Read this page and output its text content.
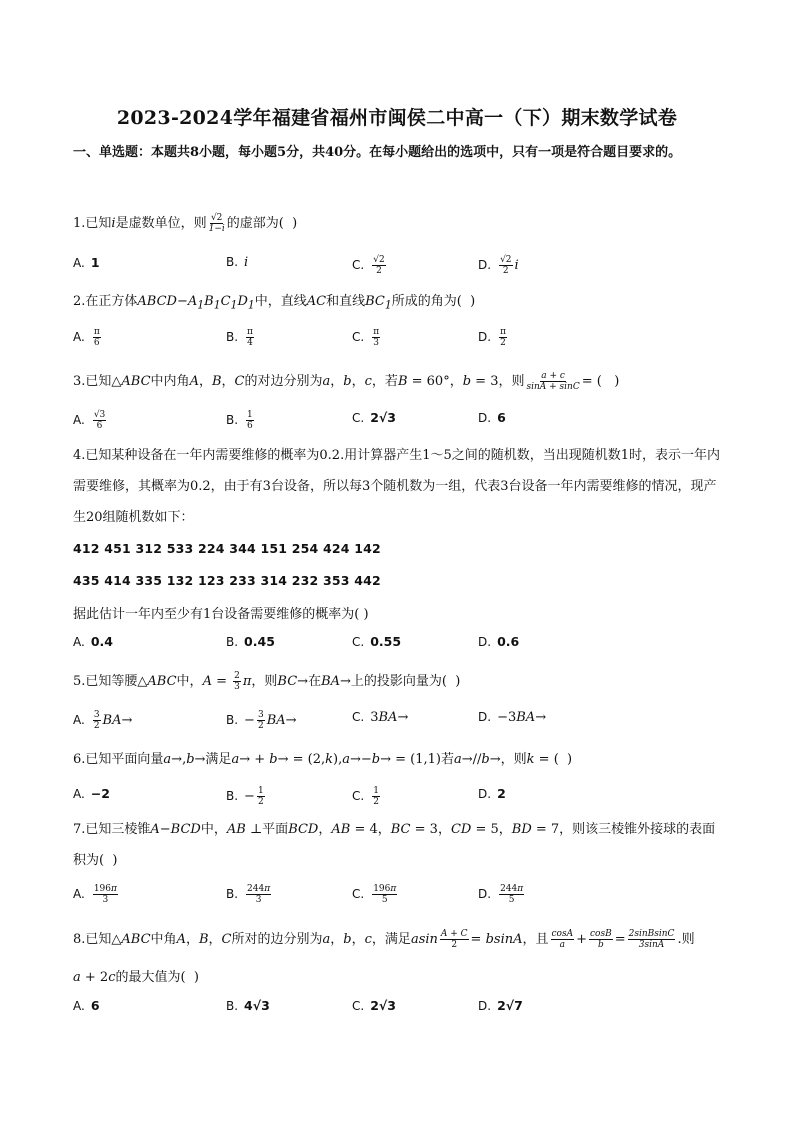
2023-2024学年福建省福州市闽侯二中高一（下）期末数学试卷
一、单选题：本题共8小题，每小题5分，共40分。在每小题给出的选项中，只有一项是符合题目要求的。
1.已知i是虚数单位，则 $\frac{√2}{1-i}$ 的虚部为(  )
A. 1	B. i	C. $\frac{√2}{2}$	D. $\frac{√2}{2}$ i
2.在正方体$ABCD-A_1B_1C_1D_1$中，直线AC和直线$BC_1$所成的角为(  )
A. $\frac{\pi}{6}$	B. $\frac{\pi}{4}$	C. $\frac{\pi}{3}$	D. $\frac{\pi}{2}$
3.已知△ABC中内角A，B，C的对边分别为a，b，c，若B = 60°，b = 3，则 $\frac{a + c}{\sin A + \sin C}$ = (   )
A. $\frac{√3}{6}$	B. $\frac{1}{6}$	C. 2√3	D. 6
4.已知某种设备在一年内需要维修的概率为0.2.用计算器产生1～5之间的随机数，当出现随机数1时，表示一年内需要维修，其概率为0.2，由于有3台设备，所以每3个随机数为一组，代表3台设备一年内需要维修的情况，现产生20组随机数如下：
412 451 312 533 224 344 151 254 424 142
435 414 335 132 123 233 314 232 353 442
据此估计一年内至少有1台设备需要维修的概率为( )
A. 0.4	B. 0.45	C. 0.55	D. 0.6
5.已知等腰△ABC中，$A = \frac{2}{3}$ π，则BC→在BA→上的投影向量为(  )
A. $\frac{3}{2} BA\to$	B. − $\frac{3}{2} BA\to$	C. 3BA→	D. −3BA→
6.已知平面向量a→,b→满足a→ + b→ = (2,k),a→−b→ = (1,1)若a→//b→，则k = (  )
A. −2	B. − $\frac{1}{2}$	C. $\frac{1}{2}$	D. 2
7.已知三棱锥A−BCD中，AB ⊥平面BCD，AB = 4，BC = 3，CD = 5，BD = 7，则该三棱锥外接球的表面积为(  )
A. $\frac{196\pi}{3}$	B. $\frac{244\pi}{3}$	C. $\frac{196\pi}{5}$	D. $\frac{244\pi}{5}$
8.已知△ABC中角A，B，C所对的边分别为a，b，c，满足asin $\frac{A + C}{2} = bsinA$，且 $\frac{\cos A}{a} + \frac{\cos B}{b} = \frac{\text{2sinBsinC}}{3\sin A}$ .则
a + 2c的最大值为(  )
A. 6	B. 4√3	C. 2√3	D. 2√7
